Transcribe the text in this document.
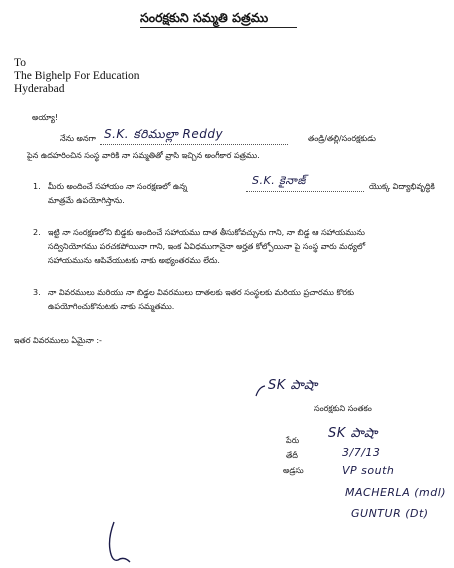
సంరక్షకుని సమ్మతి పత్రము
To
The Bighelp For Education
Hyderabad
అయ్యా!
నేను అనగా S.K. కరిముల్లా Reddy	తండ్రి/తల్లి/సంరక్షకుడు
పైన ఉదహరించిన సంస్థ వారికి నా సమ్మతితో వ్రాసి ఇచ్చిన అంగీకార పత్రము.
1. మీరు అందించే సహాయం నా సంరక్షణలో ఉన్న	S.K. కైనాజ్	యొక్క విద్యాభివృద్ధికి
మాత్రమే ఉపయోగిస్తాను.
2. ఇట్టి నా సంరక్షణలోని బిడ్డకు అందించే సహాయము దాత తీసుకోవచ్చును గాని, నా బిడ్డ ఆ సహాయమును
సద్వినియోగము పరచకపోయినా గాని, ఇంక ఏవిధముగానైనా అర్హత కోల్పోయినా పై సంస్థ వారు మధ్యలో
సహాయమును ఆపివేయుటకు నాకు అభ్యంతరము లేదు.
3. నా వివరములు మరియు నా బిడ్డల వివరములు దాతలకు ఇతర సంస్థలకు మరియు ప్రచారము కొరకు
ఉపయోగించుకొనుటకు నాకు సమ్మతము.
ఇతర వివరములు ఏమైనా :-
SK పాషా
సంరక్షకుని సంతకం
పేరు SK పాషా
తేదీ	3/7/13
అడ్రసు	VP south
MACHERLA (mdl)
GUNTUR (Dt)
